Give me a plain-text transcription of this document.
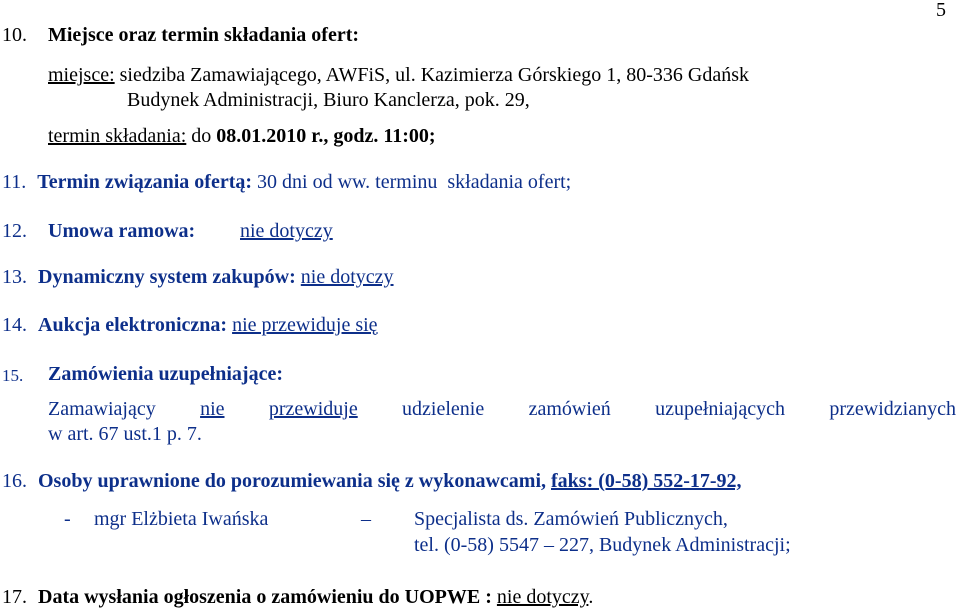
5
10. Miejsce oraz termin składania ofert:
miejsce: siedziba Zamawiającego, AWFiS, ul. Kazimierza Górskiego 1, 80-336 Gdańsk
Budynek Administracji, Biuro Kanclerza, pok. 29,
termin składania: do 08.01.2010 r., godz. 11:00;
11. Termin związania ofertą: 30 dni od ww. terminu  składania ofert;
12. Umowa ramowa: nie dotyczy
13. Dynamiczny system zakupów: nie dotyczy
14. Aukcja elektroniczna: nie przewiduje się
15. Zamówienia uzupełniające:
Zamawiający nie przewiduje udzielenie zamówień uzupełniających przewidzianych
w art. 67 ust.1 p. 7.
16. Osoby uprawnione do porozumiewania się z wykonawcami, faks: (0-58) 552-17-92,
- mgr Elżbieta Iwańska	– Specjalista ds. Zamówień Publicznych,
tel. (0-58) 5547 – 227, Budynek Administracji;
17. Data wysłania ogłoszenia o zamówieniu do UOPWE : nie dotyczy.
